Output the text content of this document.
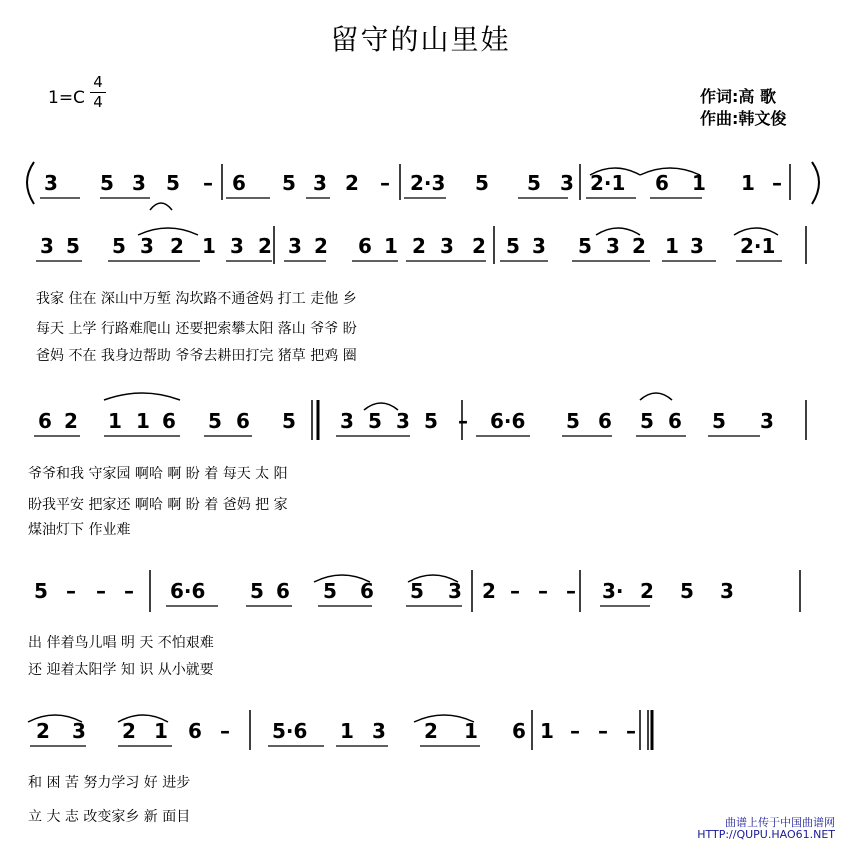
留守的山里娃
1=C
4
4	作词:高 歌
作曲:韩文俊
3 5 3 5 – 6 5 3 2 – 2·3 5 5 3 2·1 6 1 1 –
3 5 5 3 2 1 3 2 3 2 6 1 2 3 2 5 3 5 3 2 1 3 2·1
6 2 1 1 6 5 6 5 3 5 3 5 – 6·6 5 6 5 6 5 3
5 – – – 6·6 5 6 5 6 5 3 2 – – – 3· 2 5 3
2 3 2 1 6 – 5·6 1 3 2 1 6 1 – – –
我家 住在 深山中万堑 沟坎路不通爸妈 打工 走他 乡
每天 上学 行路难爬山 还要把索攀太阳 落山 爷爷 盼
爸妈 不在 我身边帮助 爷爷去耕田打完 猪草 把鸡 圈
爷爷和我 守家园 啊哈 啊 盼 着 每天 太 阳
盼我平安 把家还 啊哈 啊 盼 着 爸妈 把 家
煤油灯下 作业难
出 伴着鸟儿唱 明 天 不怕艰难
还 迎着太阳学 知 识 从小就要
和 困 苦 努力学习 好 进步
立 大 志 改变家乡 新 面目	曲谱上传于中国曲谱网
HTTP://QUPU.HAO61.NET
